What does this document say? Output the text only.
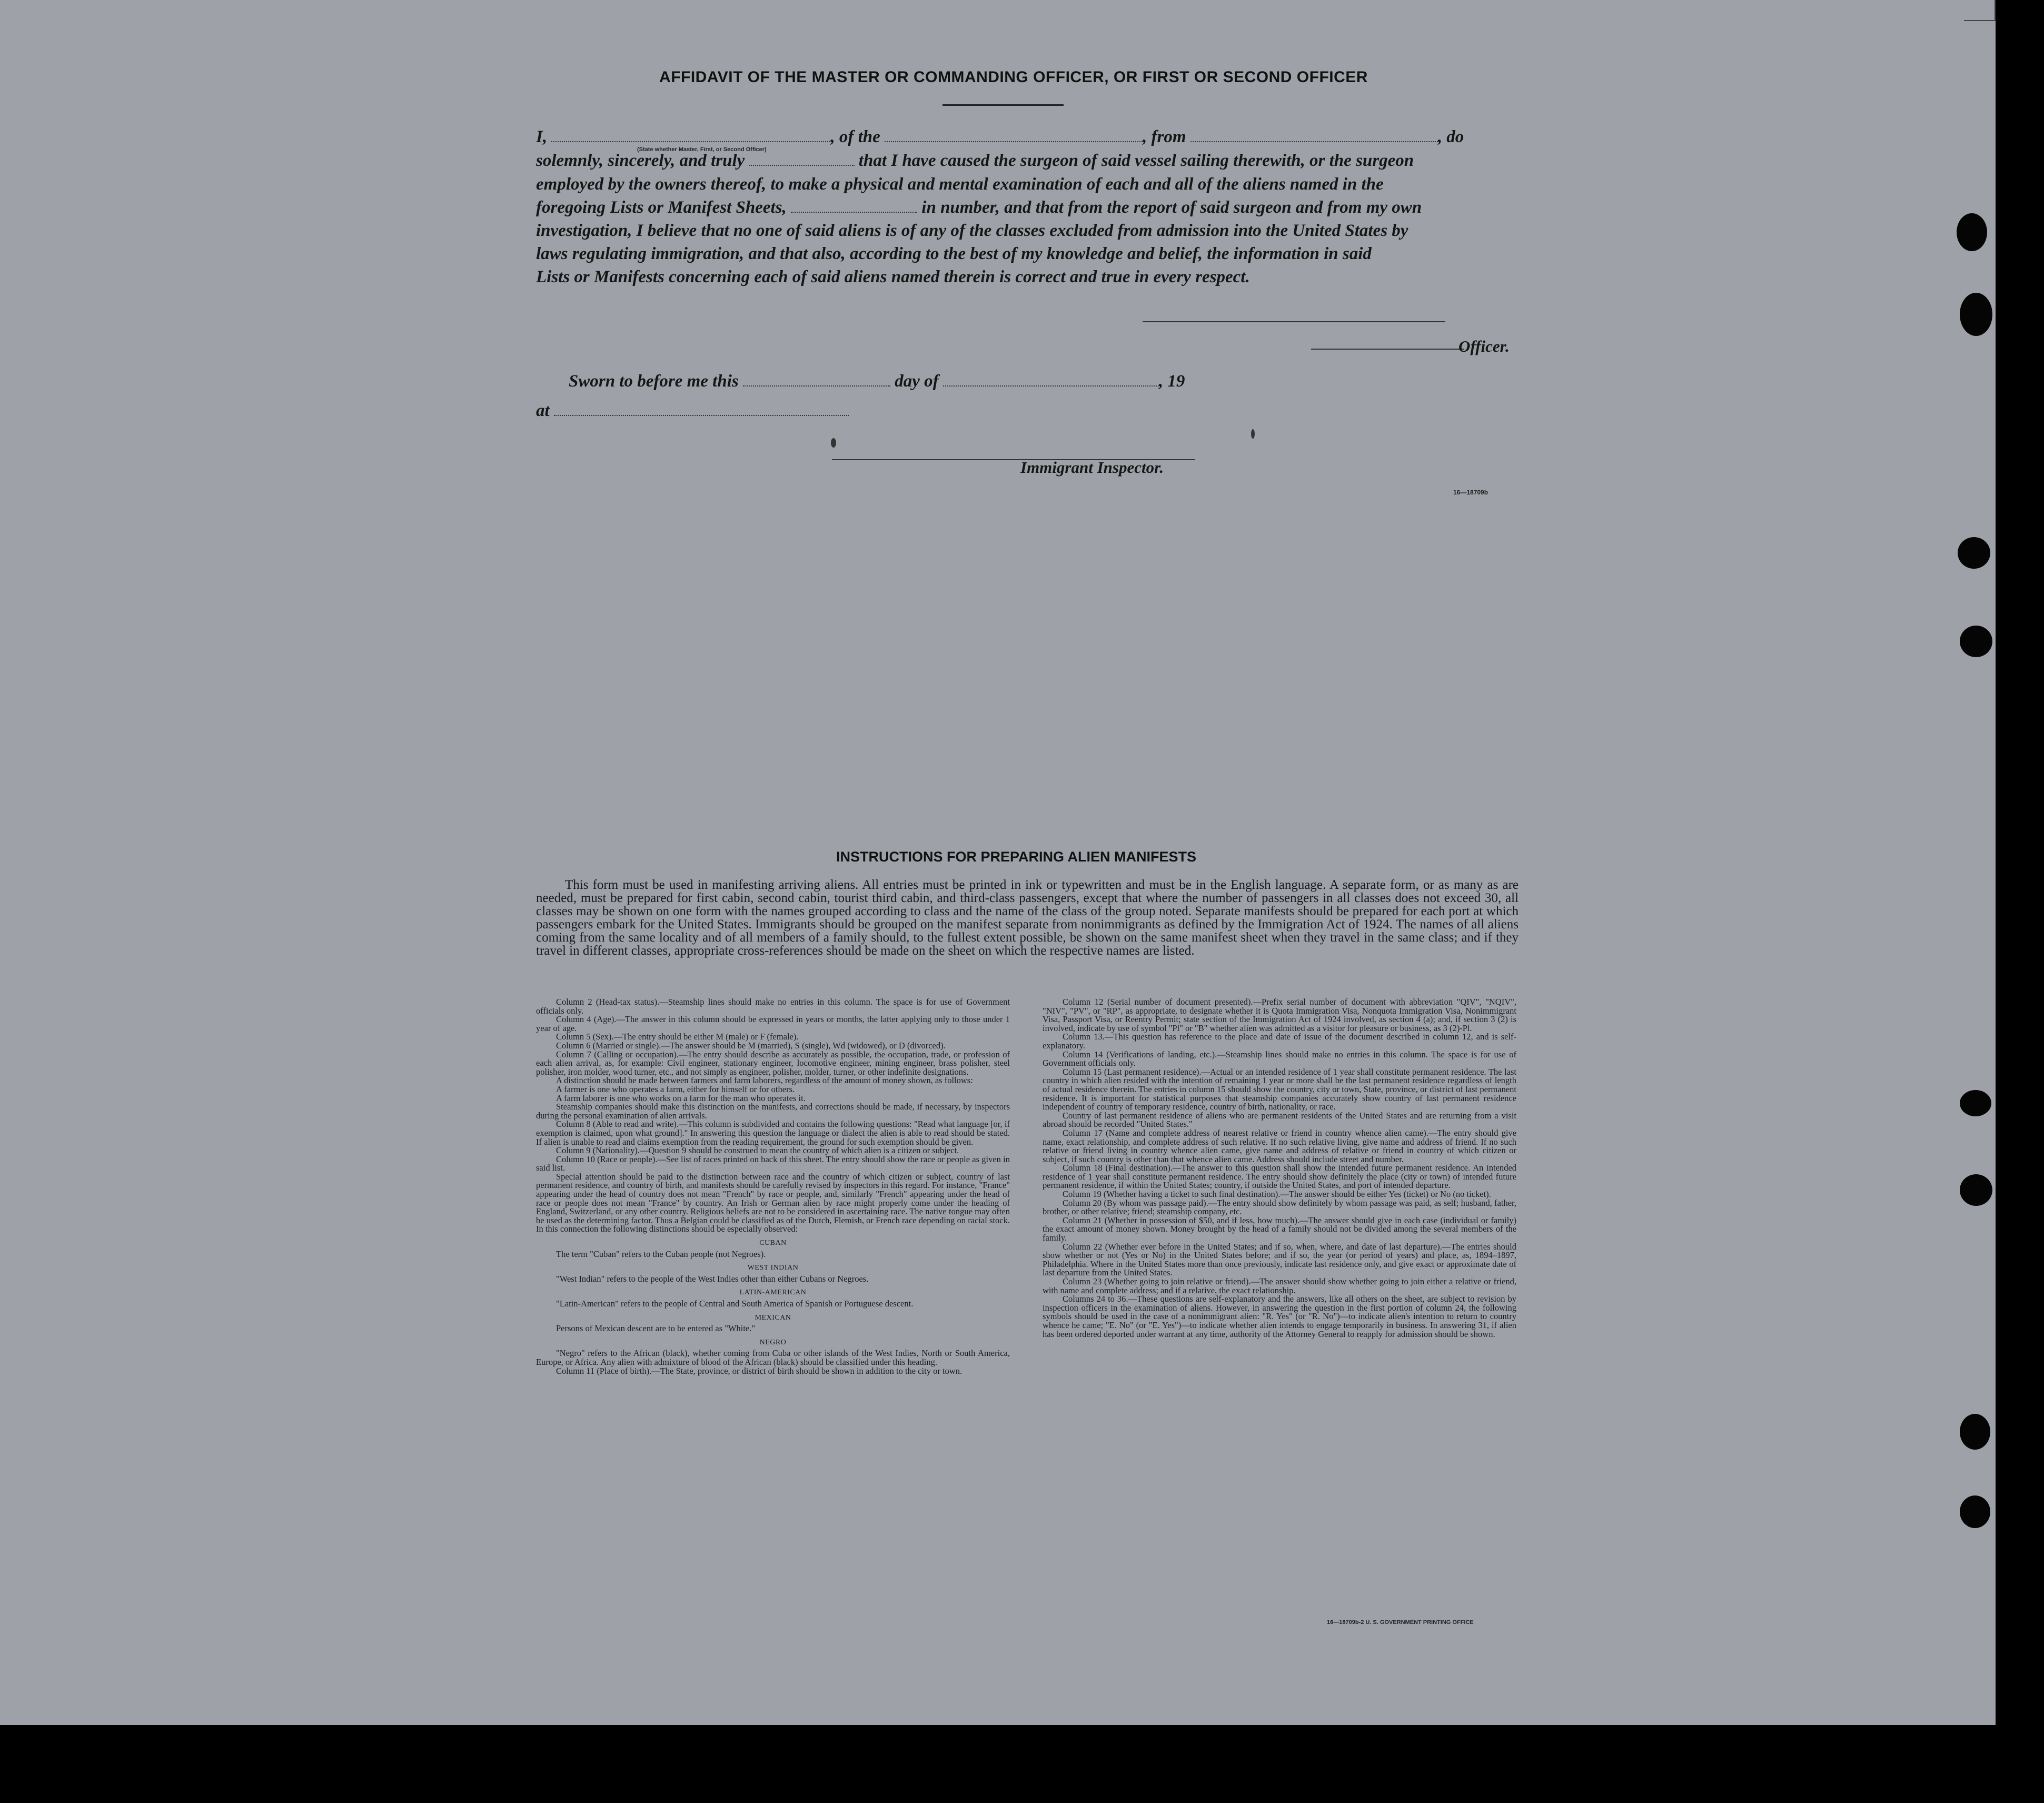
AFFIDAVIT OF THE MASTER OR COMMANDING OFFICER, OR FIRST OR SECOND OFFICER
I,	, of the	, from	, do
(State whether Master, First, or Second Officer)
solemnly, sincerely, and truly	that I have caused the surgeon of said vessel sailing therewith, or the surgeon
employed by the owners thereof, to make a physical and mental examination of each and all of the aliens named in the
foregoing Lists or Manifest Sheets,	in number, and that from the report of said surgeon and from my own
investigation, I believe that no one of said aliens is of any of the classes excluded from admission into the United States by
laws regulating immigration, and that also, according to the best of my knowledge and belief, the information in said
Lists or Manifests concerning each of said aliens named therein is correct and true in every respect.
Officer.
Sworn to before me this	day of	, 19
at
Immigrant Inspector.
16—18709b
INSTRUCTIONS FOR PREPARING ALIEN MANIFESTS

This form must be used in manifesting arriving aliens. All entries must be printed in ink or typewritten and must be in the English language. A separate form, or as many as are needed, must be prepared for first cabin, second cabin, tourist third cabin, and third-class passengers, except that where the number of passengers in all classes does not exceed 30, all classes may be shown on one form with the names grouped according to class and the name of the class of the group noted. Separate manifests should be prepared for each port at which passengers embark for the United States. Immigrants should be grouped on the manifest separate from nonimmigrants as defined by the Immigration Act of 1924. The names of all aliens coming from the same locality and of all members of a family should, to the fullest extent possible, be shown on the same manifest sheet when they travel in the same class; and if they travel in different classes, appropriate cross-references should be made on the sheet on which the respective names are listed.

Column 2 (Head-tax status).—Steamship lines should make no entries in this column. The space is for use of Government officials only.

Column 4 (Age).—The answer in this column should be expressed in years or months, the latter applying only to those under 1 year of age.

Column 5 (Sex).—The entry should be either M (male) or F (female).

Column 6 (Married or single).—The answer should be M (married), S (single), Wd (widowed), or D (divorced).

Column 7 (Calling or occupation).—The entry should describe as accurately as possible, the occupation, trade, or profession of each alien arrival, as, for example: Civil engineer, stationary engineer, locomotive engineer, mining engineer, brass polisher, steel polisher, iron molder, wood turner, etc., and not simply as engineer, polisher, molder, turner, or other indefinite designations.

A distinction should be made between farmers and farm laborers, regardless of the amount of money shown, as follows:

A farmer is one who operates a farm, either for himself or for others.

A farm laborer is one who works on a farm for the man who operates it.

Steamship companies should make this distinction on the manifests, and corrections should be made, if necessary, by inspectors during the personal examination of alien arrivals.

Column 8 (Able to read and write).—This column is subdivided and contains the following questions: "Read what language [or, if exemption is claimed, upon what ground]." In answering this question the language or dialect the alien is able to read should be stated. If alien is unable to read and claims exemption from the reading requirement, the ground for such exemption should be given.

Column 9 (Nationality).—Question 9 should be construed to mean the country of which alien is a citizen or subject.

Column 10 (Race or people).—See list of races printed on back of this sheet. The entry should show the race or people as given in said list.

Special attention should be paid to the distinction between race and the country of which citizen or subject, country of last permanent residence, and country of birth, and manifests should be carefully revised by inspectors in this regard. For instance, "France" appearing under the head of country does not mean "French" by race or people, and, similarly "French" appearing under the head of race or people does not mean "France" by country. An Irish or German alien by race might properly come under the heading of England, Switzerland, or any other country. Religious beliefs are not to be considered in ascertaining race. The native tongue may often be used as the determining factor. Thus a Belgian could be classified as of the Dutch, Flemish, or French race depending on racial stock. In this connection the following distinctions should be especially observed:

CUBAN

The term "Cuban" refers to the Cuban people (not Negroes).

WEST INDIAN

"West Indian" refers to the people of the West Indies other than either Cubans or Negroes.

LATIN-AMERICAN

"Latin-American" refers to the people of Central and South America of Spanish or Portuguese descent.

MEXICAN

Persons of Mexican descent are to be entered as "White."

NEGRO

"Negro" refers to the African (black), whether coming from Cuba or other islands of the West Indies, North or South America, Europe, or Africa. Any alien with admixture of blood of the African (black) should be classified under this heading.

Column 11 (Place of birth).—The State, province, or district of birth should be shown in addition to the city or town.

Column 12 (Serial number of document presented).—Prefix serial number of document with abbreviation "QIV", "NQIV", "NIV", "PV", or "RP", as appropriate, to designate whether it is Quota Immigration Visa, Nonquota Immigration Visa, Nonimmigrant Visa, Passport Visa, or Reentry Permit; state section of the Immigration Act of 1924 involved, as section 4 (a); and, if section 3 (2) is involved, indicate by use of symbol "Pl" or "B" whether alien was admitted as a visitor for pleasure or business, as 3 (2)-Pl.

Column 13.—This question has reference to the place and date of issue of the document described in column 12, and is self-explanatory.

Column 14 (Verifications of landing, etc.).—Steamship lines should make no entries in this column. The space is for use of Government officials only.

Column 15 (Last permanent residence).—Actual or an intended residence of 1 year shall constitute permanent residence. The last country in which alien resided with the intention of remaining 1 year or more shall be the last permanent residence regardless of length of actual residence therein. The entries in column 15 should show the country, city or town, State, province, or district of last permanent residence. It is important for statistical purposes that steamship companies accurately show country of last permanent residence independent of country of temporary residence, country of birth, nationality, or race.

Country of last permanent residence of aliens who are permanent residents of the United States and are returning from a visit abroad should be recorded "United States."

Column 17 (Name and complete address of nearest relative or friend in country whence alien came).—The entry should give name, exact relationship, and complete address of such relative. If no such relative living, give name and address of friend. If no such relative or friend living in country whence alien came, give name and address of relative or friend in country of which citizen or subject, if such country is other than that whence alien came. Address should include street and number.

Column 18 (Final destination).—The answer to this question shall show the intended future permanent residence. An intended residence of 1 year shall constitute permanent residence. The entry should show definitely the place (city or town) of intended future permanent residence, if within the United States; country, if outside the United States, and port of intended departure.

Column 19 (Whether having a ticket to such final destination).—The answer should be either Yes (ticket) or No (no ticket).

Column 20 (By whom was passage paid).—The entry should show definitely by whom passage was paid, as self; husband, father, brother, or other relative; friend; steamship company, etc.

Column 21 (Whether in possession of $50, and if less, how much).—The answer should give in each case (individual or family) the exact amount of money shown. Money brought by the head of a family should not be divided among the several members of the family.

Column 22 (Whether ever before in the United States; and if so, when, where, and date of last departure).—The entries should show whether or not (Yes or No) in the United States before; and if so, the year (or period of years) and place, as, 1894–1897, Philadelphia. Where in the United States more than once previously, indicate last residence only, and give exact or approximate date of last departure from the United States.

Column 23 (Whether going to join relative or friend).—The answer should show whether going to join either a relative or friend, with name and complete address; and if a relative, the exact relationship.

Columns 24 to 36.—These questions are self-explanatory and the answers, like all others on the sheet, are subject to revision by inspection officers in the examination of aliens. However, in answering the question in the first portion of column 24, the following symbols should be used in the case of a nonimmigrant alien: "R. Yes" (or "R. No")—to indicate alien's intention to return to country whence he came; "E. No" (or "E. Yes")—to indicate whether alien intends to engage temporarily in business. In answering 31, if alien has been ordered deported under warrant at any time, authority of the Attorney General to reapply for admission should be shown.

16—18709b-2 U. S. GOVERNMENT PRINTING OFFICE
